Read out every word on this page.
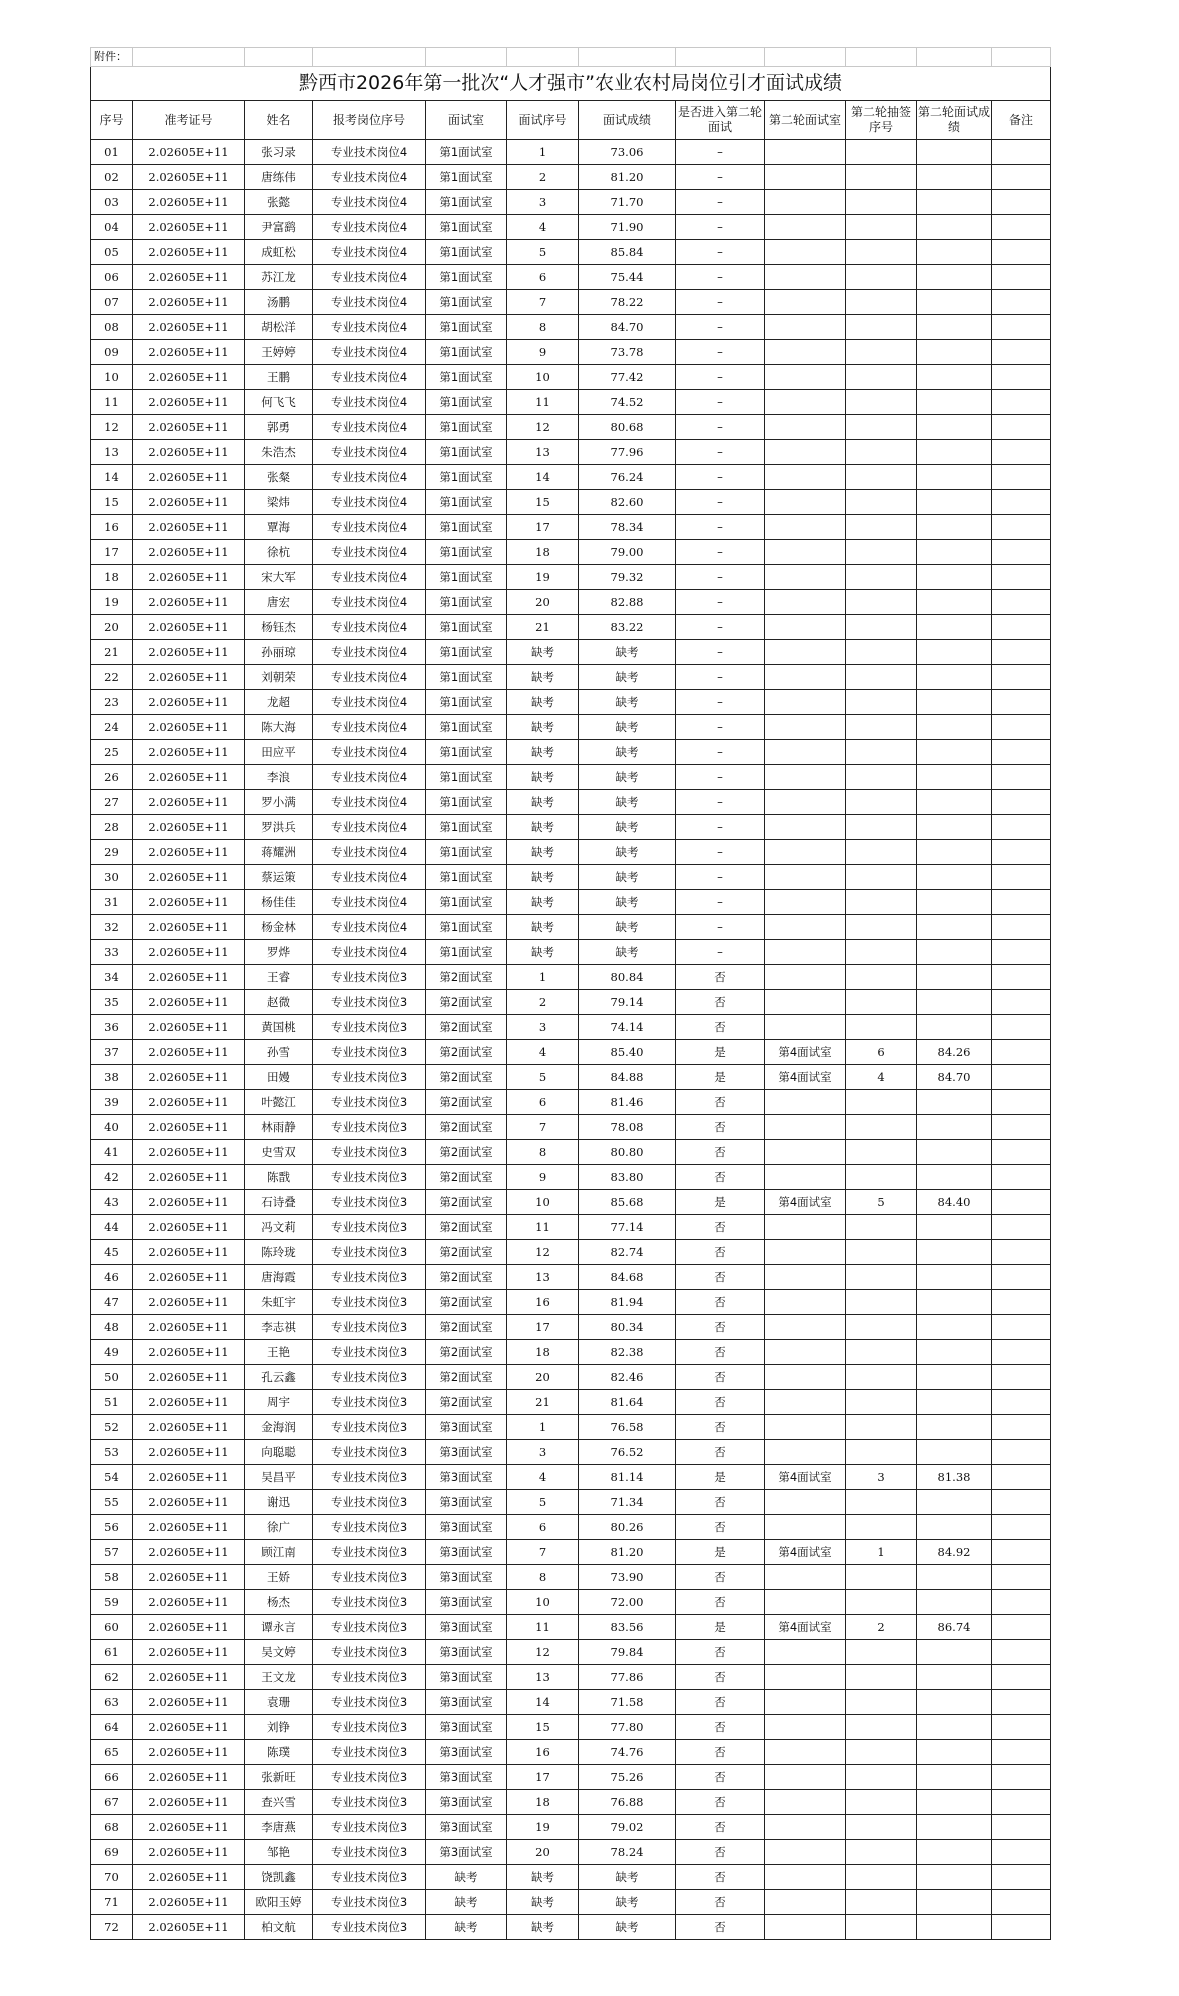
附件：											
黔西市2026年第一批次“人才强市”农业农村局岗位引才面试成绩											
序号	准考证号	姓名	报考岗位序号	面试室	面试序号	面试成绩	是否进入第二轮面试	第二轮面试室	第二轮抽签序号	第二轮面试成绩	备注
01	2.02605E+11	张习录	专业技术岗位4	第1面试室	1	73.06	–				
02	2.02605E+11	唐练伟	专业技术岗位4	第1面试室	2	81.20	–				
03	2.02605E+11	张懿	专业技术岗位4	第1面试室	3	71.70	–				
04	2.02605E+11	尹富鹞	专业技术岗位4	第1面试室	4	71.90	–				
05	2.02605E+11	成虹松	专业技术岗位4	第1面试室	5	85.84	–				
06	2.02605E+11	苏江龙	专业技术岗位4	第1面试室	6	75.44	–				
07	2.02605E+11	汤鹏	专业技术岗位4	第1面试室	7	78.22	–				
08	2.02605E+11	胡松洋	专业技术岗位4	第1面试室	8	84.70	–				
09	2.02605E+11	王婷婷	专业技术岗位4	第1面试室	9	73.78	–				
10	2.02605E+11	王鹏	专业技术岗位4	第1面试室	10	77.42	–				
11	2.02605E+11	何飞飞	专业技术岗位4	第1面试室	11	74.52	–				
12	2.02605E+11	郭勇	专业技术岗位4	第1面试室	12	80.68	–				
13	2.02605E+11	朱浩杰	专业技术岗位4	第1面试室	13	77.96	–				
14	2.02605E+11	张粲	专业技术岗位4	第1面试室	14	76.24	–				
15	2.02605E+11	梁炜	专业技术岗位4	第1面试室	15	82.60	–				
16	2.02605E+11	覃海	专业技术岗位4	第1面试室	17	78.34	–				
17	2.02605E+11	徐杭	专业技术岗位4	第1面试室	18	79.00	–				
18	2.02605E+11	宋大军	专业技术岗位4	第1面试室	19	79.32	–				
19	2.02605E+11	唐宏	专业技术岗位4	第1面试室	20	82.88	–				
20	2.02605E+11	杨钰杰	专业技术岗位4	第1面试室	21	83.22	–				
21	2.02605E+11	孙丽琼	专业技术岗位4	第1面试室	缺考	缺考	–				
22	2.02605E+11	刘朝荣	专业技术岗位4	第1面试室	缺考	缺考	–				
23	2.02605E+11	龙超	专业技术岗位4	第1面试室	缺考	缺考	–				
24	2.02605E+11	陈大海	专业技术岗位4	第1面试室	缺考	缺考	–				
25	2.02605E+11	田应平	专业技术岗位4	第1面试室	缺考	缺考	–				
26	2.02605E+11	李浪	专业技术岗位4	第1面试室	缺考	缺考	–				
27	2.02605E+11	罗小满	专业技术岗位4	第1面试室	缺考	缺考	–				
28	2.02605E+11	罗洪兵	专业技术岗位4	第1面试室	缺考	缺考	–				
29	2.02605E+11	蒋耀洲	专业技术岗位4	第1面试室	缺考	缺考	–				
30	2.02605E+11	蔡运策	专业技术岗位4	第1面试室	缺考	缺考	–				
31	2.02605E+11	杨佳佳	专业技术岗位4	第1面试室	缺考	缺考	–				
32	2.02605E+11	杨金林	专业技术岗位4	第1面试室	缺考	缺考	–				
33	2.02605E+11	罗烨	专业技术岗位4	第1面试室	缺考	缺考	–				
34	2.02605E+11	王睿	专业技术岗位3	第2面试室	1	80.84	否				
35	2.02605E+11	赵微	专业技术岗位3	第2面试室	2	79.14	否				
36	2.02605E+11	黄国桃	专业技术岗位3	第2面试室	3	74.14	否				
37	2.02605E+11	孙雪	专业技术岗位3	第2面试室	4	85.40	是	第4面试室	6	84.26	
38	2.02605E+11	田嫚	专业技术岗位3	第2面试室	5	84.88	是	第4面试室	4	84.70	
39	2.02605E+11	叶懿江	专业技术岗位3	第2面试室	6	81.46	否				
40	2.02605E+11	林雨静	专业技术岗位3	第2面试室	7	78.08	否				
41	2.02605E+11	史雪双	专业技术岗位3	第2面试室	8	80.80	否				
42	2.02605E+11	陈戬	专业技术岗位3	第2面试室	9	83.80	否				
43	2.02605E+11	石诗叠	专业技术岗位3	第2面试室	10	85.68	是	第4面试室	5	84.40	
44	2.02605E+11	冯文莉	专业技术岗位3	第2面试室	11	77.14	否				
45	2.02605E+11	陈玲珑	专业技术岗位3	第2面试室	12	82.74	否				
46	2.02605E+11	唐海霞	专业技术岗位3	第2面试室	13	84.68	否				
47	2.02605E+11	朱虹宇	专业技术岗位3	第2面试室	16	81.94	否				
48	2.02605E+11	李志祺	专业技术岗位3	第2面试室	17	80.34	否				
49	2.02605E+11	王艳	专业技术岗位3	第2面试室	18	82.38	否				
50	2.02605E+11	孔云鑫	专业技术岗位3	第2面试室	20	82.46	否				
51	2.02605E+11	周宇	专业技术岗位3	第2面试室	21	81.64	否				
52	2.02605E+11	金海润	专业技术岗位3	第3面试室	1	76.58	否				
53	2.02605E+11	向聪聪	专业技术岗位3	第3面试室	3	76.52	否				
54	2.02605E+11	吴昌平	专业技术岗位3	第3面试室	4	81.14	是	第4面试室	3	81.38	
55	2.02605E+11	谢迅	专业技术岗位3	第3面试室	5	71.34	否				
56	2.02605E+11	徐广	专业技术岗位3	第3面试室	6	80.26	否				
57	2.02605E+11	顾江南	专业技术岗位3	第3面试室	7	81.20	是	第4面试室	1	84.92	
58	2.02605E+11	王娇	专业技术岗位3	第3面试室	8	73.90	否				
59	2.02605E+11	杨杰	专业技术岗位3	第3面试室	10	72.00	否				
60	2.02605E+11	谭永言	专业技术岗位3	第3面试室	11	83.56	是	第4面试室	2	86.74	
61	2.02605E+11	吴文婷	专业技术岗位3	第3面试室	12	79.84	否				
62	2.02605E+11	王文龙	专业技术岗位3	第3面试室	13	77.86	否				
63	2.02605E+11	袁珊	专业技术岗位3	第3面试室	14	71.58	否				
64	2.02605E+11	刘铮	专业技术岗位3	第3面试室	15	77.80	否				
65	2.02605E+11	陈璞	专业技术岗位3	第3面试室	16	74.76	否				
66	2.02605E+11	张新旺	专业技术岗位3	第3面试室	17	75.26	否				
67	2.02605E+11	查兴雪	专业技术岗位3	第3面试室	18	76.88	否				
68	2.02605E+11	李唐燕	专业技术岗位3	第3面试室	19	79.02	否				
69	2.02605E+11	邹艳	专业技术岗位3	第3面试室	20	78.24	否				
70	2.02605E+11	饶凯鑫	专业技术岗位3	缺考	缺考	缺考	否				
71	2.02605E+11	欧阳玉婷	专业技术岗位3	缺考	缺考	缺考	否				
72	2.02605E+11	柏文航	专业技术岗位3	缺考	缺考	缺考	否				
